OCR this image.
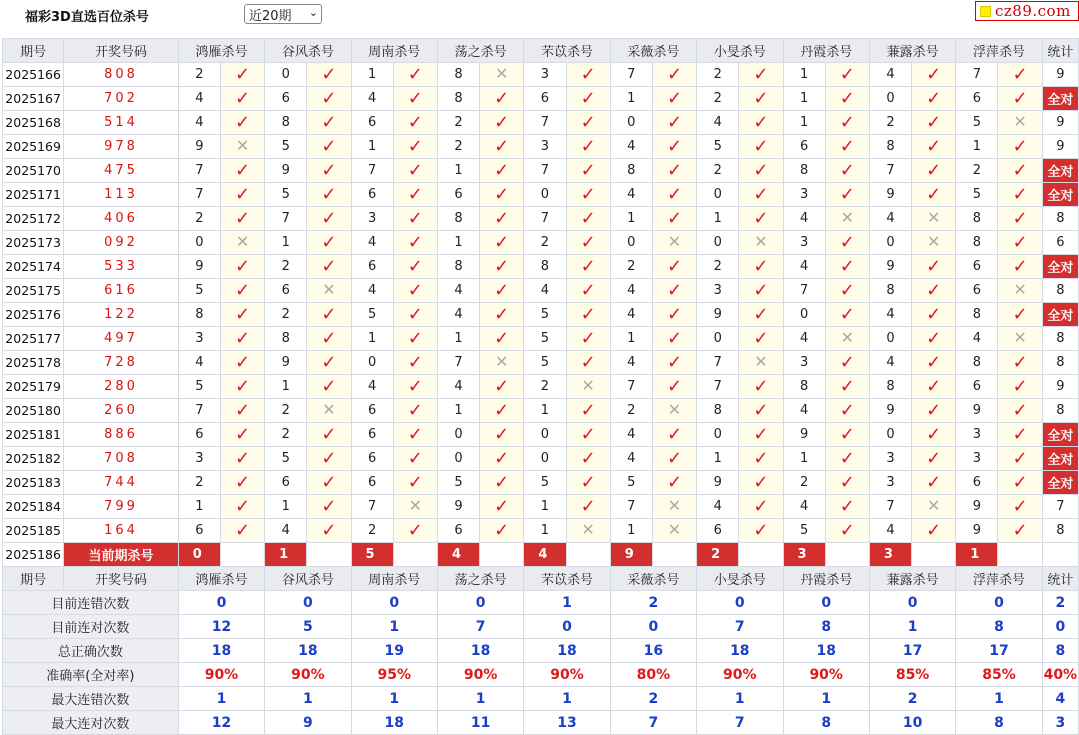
福彩3D直选百位杀号	近20期 ⌄	cz89.com
期号	开奖号码	鸿雁杀号		谷风杀号		周南杀号		荡之杀号		芣苡杀号		采薇杀号		小旻杀号		丹霞杀号		蒹露杀号		浮萍杀号		统计
2025166	808	2	✓	0	✓	1	✓	8	✕	3	✓	7	✓	2	✓	1	✓	4	✓	7	✓	9
2025167	702	4	✓	6	✓	4	✓	8	✓	6	✓	1	✓	2	✓	1	✓	0	✓	6	✓	全对
2025168	514	4	✓	8	✓	6	✓	2	✓	7	✓	0	✓	4	✓	1	✓	2	✓	5	✕	9
2025169	978	9	✕	5	✓	1	✓	2	✓	3	✓	4	✓	5	✓	6	✓	8	✓	1	✓	9
2025170	475	7	✓	9	✓	7	✓	1	✓	7	✓	8	✓	2	✓	8	✓	7	✓	2	✓	全对
2025171	113	7	✓	5	✓	6	✓	6	✓	0	✓	4	✓	0	✓	3	✓	9	✓	5	✓	全对
2025172	406	2	✓	7	✓	3	✓	8	✓	7	✓	1	✓	1	✓	4	✕	4	✕	8	✓	8
2025173	092	0	✕	1	✓	4	✓	1	✓	2	✓	0	✕	0	✕	3	✓	0	✕	8	✓	6
2025174	533	9	✓	2	✓	6	✓	8	✓	8	✓	2	✓	2	✓	4	✓	9	✓	6	✓	全对
2025175	616	5	✓	6	✕	4	✓	4	✓	4	✓	4	✓	3	✓	7	✓	8	✓	6	✕	8
2025176	122	8	✓	2	✓	5	✓	4	✓	5	✓	4	✓	9	✓	0	✓	4	✓	8	✓	全对
2025177	497	3	✓	8	✓	1	✓	1	✓	5	✓	1	✓	0	✓	4	✕	0	✓	4	✕	8
2025178	728	4	✓	9	✓	0	✓	7	✕	5	✓	4	✓	7	✕	3	✓	4	✓	8	✓	8
2025179	280	5	✓	1	✓	4	✓	4	✓	2	✕	7	✓	7	✓	8	✓	8	✓	6	✓	9
2025180	260	7	✓	2	✕	6	✓	1	✓	1	✓	2	✕	8	✓	4	✓	9	✓	9	✓	8
2025181	886	6	✓	2	✓	6	✓	0	✓	0	✓	4	✓	0	✓	9	✓	0	✓	3	✓	全对
2025182	708	3	✓	5	✓	6	✓	0	✓	0	✓	4	✓	1	✓	1	✓	3	✓	3	✓	全对
2025183	744	2	✓	6	✓	6	✓	5	✓	5	✓	5	✓	9	✓	2	✓	3	✓	6	✓	全对
2025184	799	1	✓	1	✓	7	✕	9	✓	1	✓	7	✕	4	✓	4	✓	7	✕	9	✓	7
2025185	164	6	✓	4	✓	2	✓	6	✓	1	✕	1	✕	6	✓	5	✓	4	✓	9	✓	8
2025186	当前期杀号	0		1		5		4		4		9		2		3		3		1		
期号	开奖号码	鸿雁杀号		谷风杀号		周南杀号		荡之杀号		芣苡杀号		采薇杀号		小旻杀号		丹霞杀号		蒹露杀号		浮萍杀号		统计
目前连错次数		0		0		0		0		1		2		0		0		0		0		2
目前连对次数		12		5		1		7		0		0		7		8		1		8		0
总正确次数		18		18		19		18		18		16		18		18		17		17		8
准确率(全对率)		90%		90%		95%		90%		90%		80%		90%		90%		85%		85%		40%
最大连错次数		1		1		1		1		1		2		1		1		2		1		4
最大连对次数		12		9		18		11		13		7		7		8		10		8		3
